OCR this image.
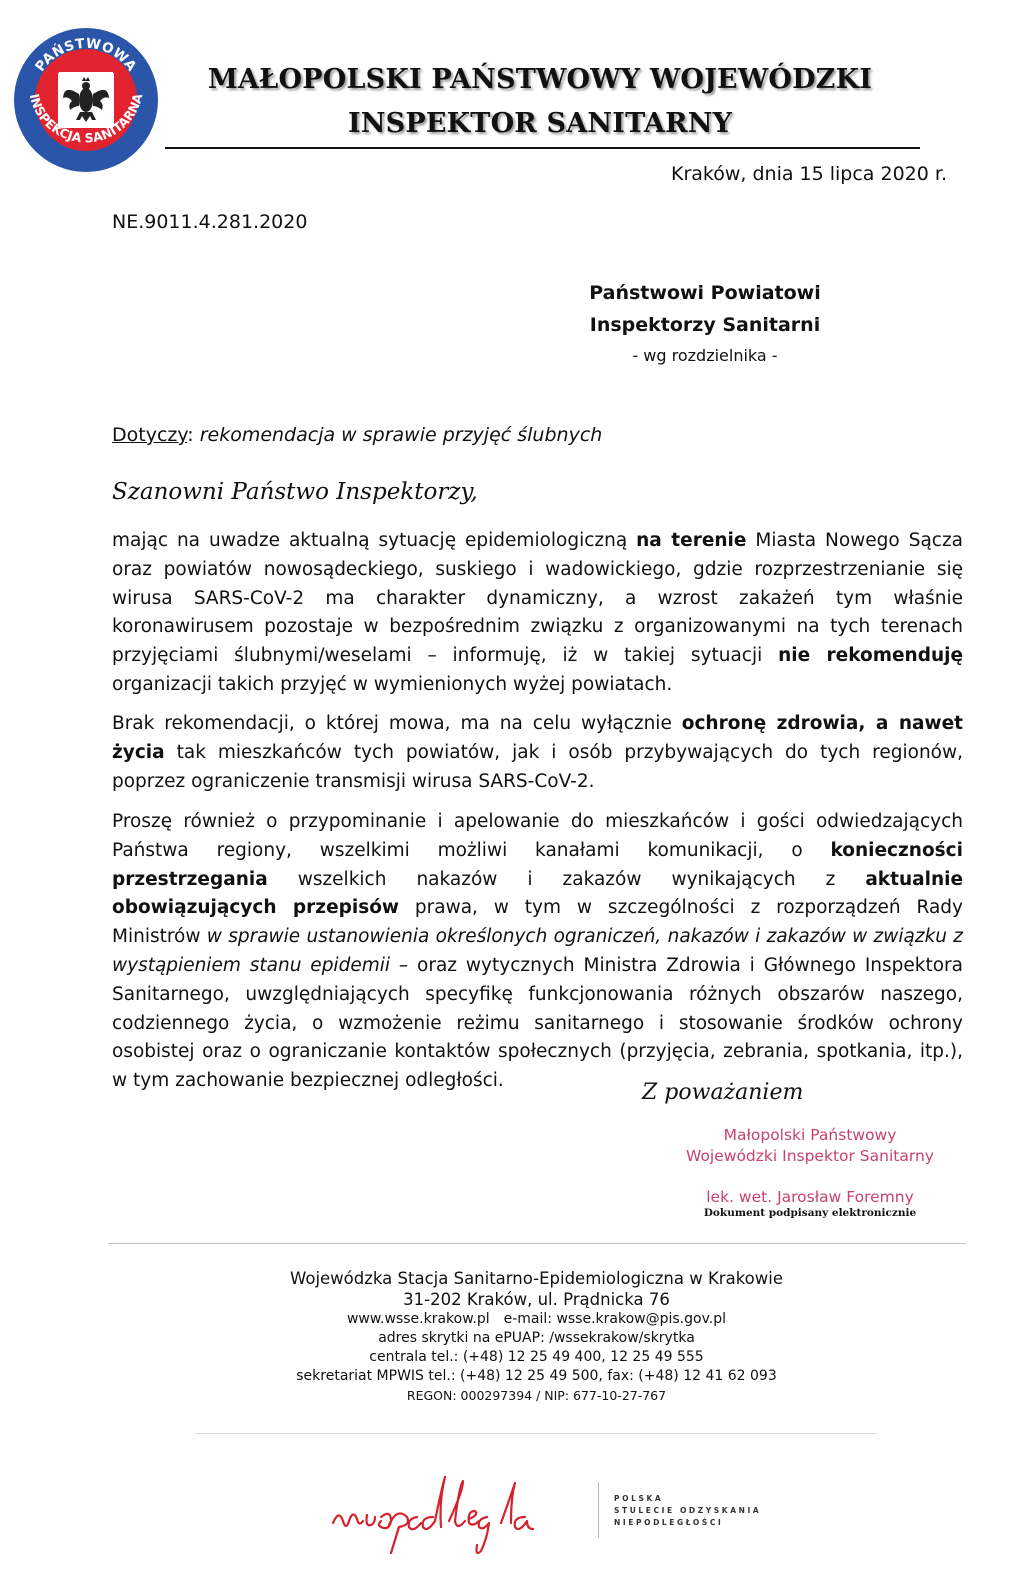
PAŃSTWOWA
INSPEKCJA SANITARNA
MAŁOPOLSKI PAŃSTWOWY WOJEWÓDZKI
INSPEKTOR SANITARNY
Kraków, dnia 15 lipca 2020 r.
NE.9011.4.281.2020
Państwowi Powiatowi
Inspektorzy Sanitarni
- wg rozdzielnika -
Dotyczy: rekomendacja w sprawie przyjęć ślubnych
Szanowni Państwo Inspektorzy,
mając na uwadze aktualną sytuację epidemiologiczną na terenie Miasta Nowego Sącza oraz powiatów nowosądeckiego, suskiego i wadowickiego, gdzie rozprzestrzenianie się wirusa SARS-CoV-2 ma charakter dynamiczny, a wzrost zakażeń tym właśnie koronawirusem pozostaje w bezpośrednim związku z organizowanymi na tych terenach przyjęciami ślubnymi/weselami – informuję, iż w takiej sytuacji nie rekomenduję organizacji takich przyjęć w wymienionych wyżej powiatach.
Brak rekomendacji, o której mowa, ma na celu wyłącznie ochronę zdrowia, a nawet życia tak mieszkańców tych powiatów, jak i osób przybywających do tych regionów, poprzez ograniczenie transmisji wirusa SARS-CoV-2.
Proszę również o przypominanie i apelowanie do mieszkańców i gości odwiedzających Państwa regiony, wszelkimi możliwi kanałami komunikacji, o konieczności przestrzegania wszelkich nakazów i zakazów wynikających z aktualnie obowiązujących przepisów prawa, w tym w szczególności z rozporządzeń Rady Ministrów w sprawie ustanowienia określonych ograniczeń, nakazów i zakazów w związku z wystąpieniem stanu epidemii – oraz wytycznych Ministra Zdrowia i Głównego Inspektora Sanitarnego, uwzględniających specyfikę funkcjonowania różnych obszarów naszego, codziennego życia, o wzmożenie reżimu sanitarnego i stosowanie środków ochrony osobistej oraz o ograniczanie kontaktów społecznych (przyjęcia, zebrania, spotkania, itp.), w tym zachowanie bezpiecznej odległości.	Z poważaniem
Małopolski Państwowy
Wojewódzki Inspektor Sanitarny
lek. wet. Jarosław Foremny
Dokument podpisany elektronicznie
Wojewódzka Stacja Sanitarno-Epidemiologiczna w Krakowie
31-202 Kraków, ul. Prądnicka 76
www.wsse.krakow.pl e-mail: wsse.krakow@pis.gov.pl
adres skrytki na ePUAP: /wssekrakow/skrytka
centrala tel.: (+48) 12 25 49 400, 12 25 49 555
sekretariat MPWIS tel.: (+48) 12 25 49 500, fax: (+48) 12 41 62 093
REGON: 000297394 / NIP: 677-10-27-767
POLSKA
STULECIE ODZYSKANIA
NIEPODLEGŁOŚCI
